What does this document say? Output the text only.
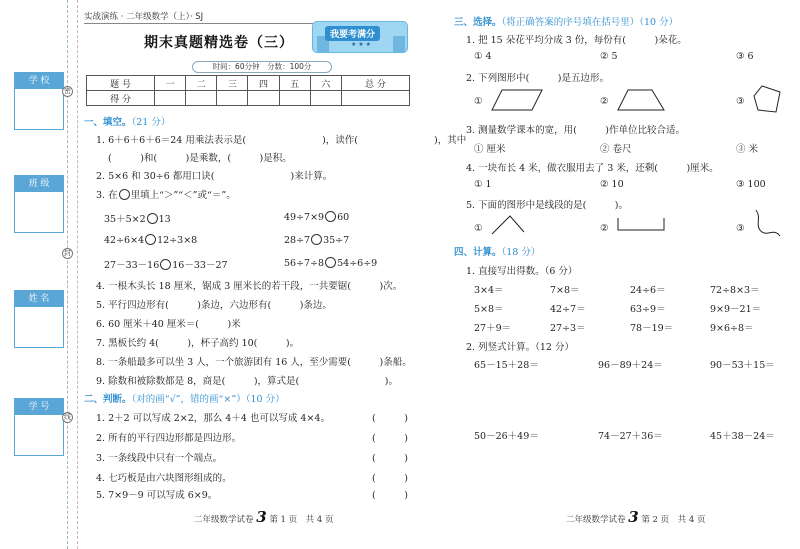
学 校
班 级
姓 名
学 号
密
封
线
实战演练 · 二年级数学（上）· SJ
期末真题精选卷（三）	我要考满分
★ ★ ★
时间：60分钟　分数：100分
题 号	一	二	三	四	五	六	总 分
得 分							
一、填空。（21 分）
1. 6＋6＋6＋6＝24 用乘法表示是(　　　　　　　　)，读作(　　　　　　　　)，其中
(　　　)和(　　　)是乘数，(　　　)是积。
2. 5×6 和 30÷6 都用口诀(　　　　　　　　)来计算。
3. 在 里填上“＞”“＜”或“＝”。
35＋5×2 13	49÷7×9 60
42÷6×4 12÷3×8	28÷7 35÷7
27－33－16 16－33－27	56÷7÷8 54÷6÷9
4. 一根木头长 18 厘米，锯成 3 厘米长的若干段，一共要锯(　　　)次。
5. 平行四边形有(　　　)条边，六边形有(　　　)条边。
6. 60 厘米＋40 厘米＝(　　　)米
7. 黑板长约 4(　　　)，杯子高约 10(　　　)。
8. 一条船最多可以坐 3 人，一个旅游团有 16 人，至少需要(　　　)条船。
9. 除数和被除数都是 8，商是(　　　)，算式是(　　　　　　　　　)。
二、判断。（对的画“√”，错的画“×”）（10 分）
1. 2＋2 可以写成 2×2，那么 4＋4 也可以写成 4×4。	(　　　)
2. 所有的平行四边形都是四边形。	(　　　)
3. 一条线段中只有一个端点。	(　　　)
4. 七巧板是由六块图形组成的。	(　　　)
5. 7×9－9 可以写成 6×9。	(　　　)
二年级数学试卷 3 第 1 页　共 4 页
三、选择。（将正确答案的序号填在括号里）（10 分）
1. 把 15 朵花平均分成 3 份，每份有(　　　)朵花。
① 4	② 5	③ 6
2. 下列图形中(　　　)是五边形。
①	②	③
3. 测量数学课本的宽，用(　　　)作单位比较合适。
① 厘米	② 卷尺	③ 米
4. 一块布长 4 米，做衣服用去了 3 米，还剩(　　　)厘米。
① 1	② 10	③ 100
5. 下面的图形中是线段的是(　　　)。
①	②	③
四、计算。（18 分）
1. 直接写出得数。（6 分）
3×4＝	7×8＝	24÷6＝	72÷8×3＝
5×8＝	42÷7＝	63÷9＝	9×9－21＝
27＋9＝	27÷3＝	78－19＝	9×6÷8＝
2. 列竖式计算。（12 分）
65－15＋28＝	96－89＋24＝	90－53＋15＝
50－26＋49＝	74－27＋36＝	45＋38－24＝
二年级数学试卷 3 第 2 页　共 4 页
